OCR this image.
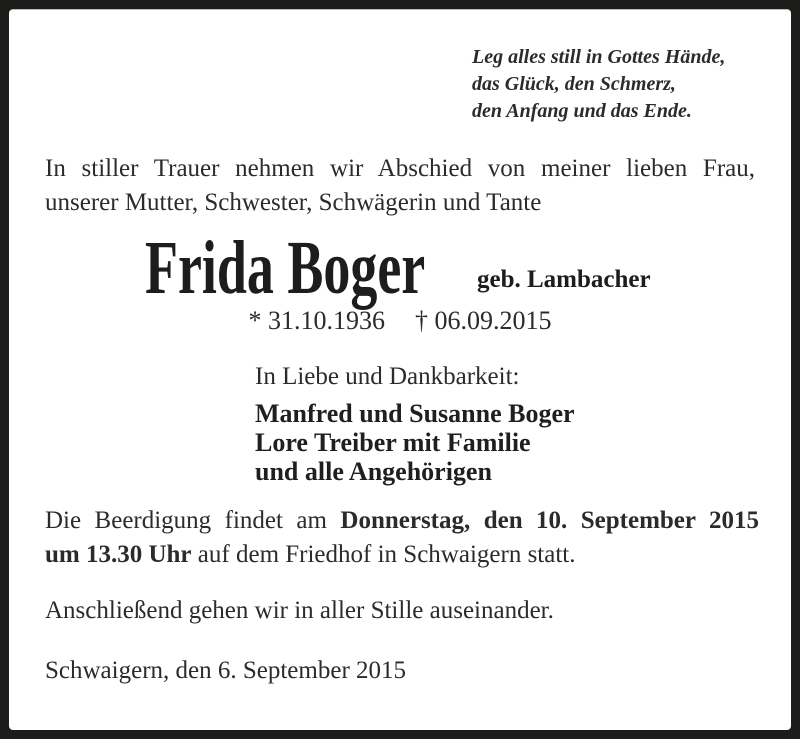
Leg alles still in Gottes Hände,
das Glück, den Schmerz,
den Anfang und das Ende.
In stiller Trauer nehmen wir Abschied von meiner lieben Frau,
unserer Mutter, Schwester, Schwägerin und Tante
Frida Boger geb. Lambacher
* 31.10.1936 † 06.09.2015
In Liebe und Dankbarkeit:
Manfred und Susanne Boger
Lore Treiber mit Familie
und alle Angehörigen
Die Beerdigung findet am Donnerstag, den 10. September 2015
um 13.30 Uhr auf dem Friedhof in Schwaigern statt.
Anschließend gehen wir in aller Stille auseinander.
Schwaigern, den 6. September 2015
